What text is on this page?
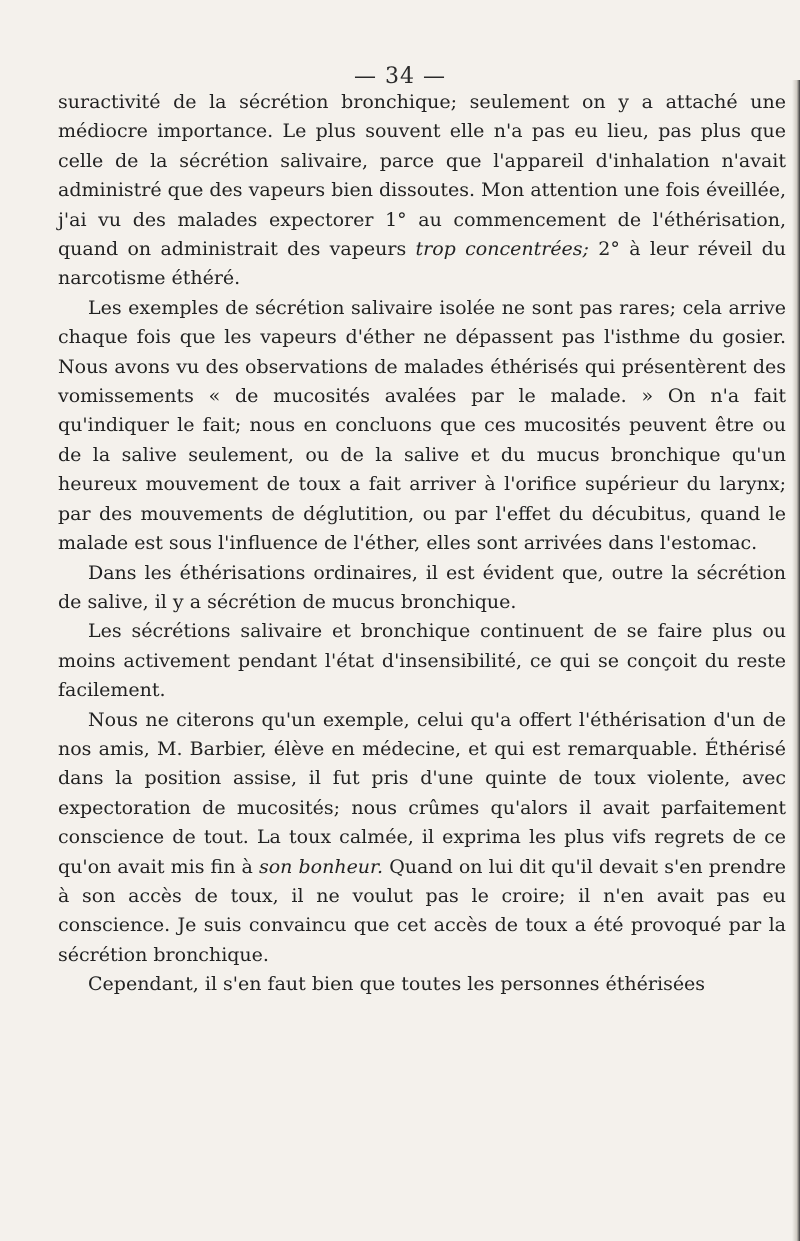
— 34 —

suractivité de la sécrétion bronchique; seulement on y a attaché une médiocre importance. Le plus souvent elle n'a pas eu lieu, pas plus que celle de la sécrétion salivaire, parce que l'appareil d'inhalation n'avait administré que des vapeurs bien dissoutes. Mon attention une fois éveillée, j'ai vu des malades expectorer 1° au commencement de l'éthérisation, quand on administrait des vapeurs trop concentrées; 2° à leur réveil du narcotisme éthéré.

Les exemples de sécrétion salivaire isolée ne sont pas rares; cela arrive chaque fois que les vapeurs d'éther ne dépassent pas l'isthme du gosier. Nous avons vu des observations de malades éthérisés qui présentèrent des vomissements « de mucosités avalées par le malade. » On n'a fait qu'indiquer le fait; nous en concluons que ces mucosités peuvent être ou de la salive seulement, ou de la salive et du mucus bronchique qu'un heureux mouvement de toux a fait arriver à l'orifice supérieur du larynx; par des mouvements de déglutition, ou par l'effet du décubitus, quand le malade est sous l'influence de l'éther, elles sont arrivées dans l'estomac.

Dans les éthérisations ordinaires, il est évident que, outre la sécrétion de salive, il y a sécrétion de mucus bronchique.

Les sécrétions salivaire et bronchique continuent de se faire plus ou moins activement pendant l'état d'insensibilité, ce qui se conçoit du reste facilement.

Nous ne citerons qu'un exemple, celui qu'a offert l'éthérisation d'un de nos amis, M. Barbier, élève en médecine, et qui est remarquable. Éthérisé dans la position assise, il fut pris d'une quinte de toux violente, avec expectoration de mucosités; nous crûmes qu'alors il avait parfaitement conscience de tout. La toux calmée, il exprima les plus vifs regrets de ce qu'on avait mis fin à son bonheur. Quand on lui dit qu'il devait s'en prendre à son accès de toux, il ne voulut pas le croire; il n'en avait pas eu conscience. Je suis convaincu que cet accès de toux a été provoqué par la sécrétion bronchique.

Cependant, il s'en faut bien que toutes les personnes éthérisées
